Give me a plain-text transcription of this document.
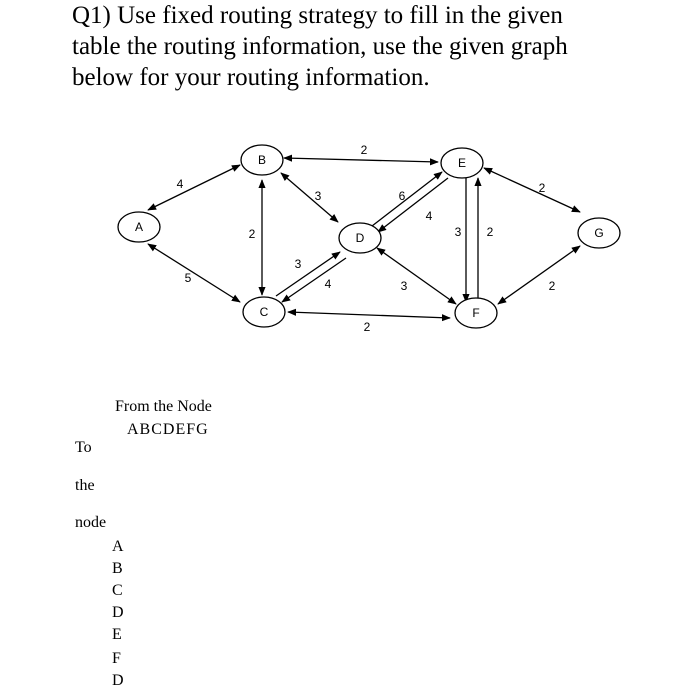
Q1) Use fixed routing strategy to fill in the given
table the routing information, use the given graph
below for your routing information.
4
5
2
2
3
3
4
2
6
4
3
3 2
2
2
A
B
C
D
E
F
G
From the Node
ABCDEFG
To
the
node
A
B
C
D
E
F
D
